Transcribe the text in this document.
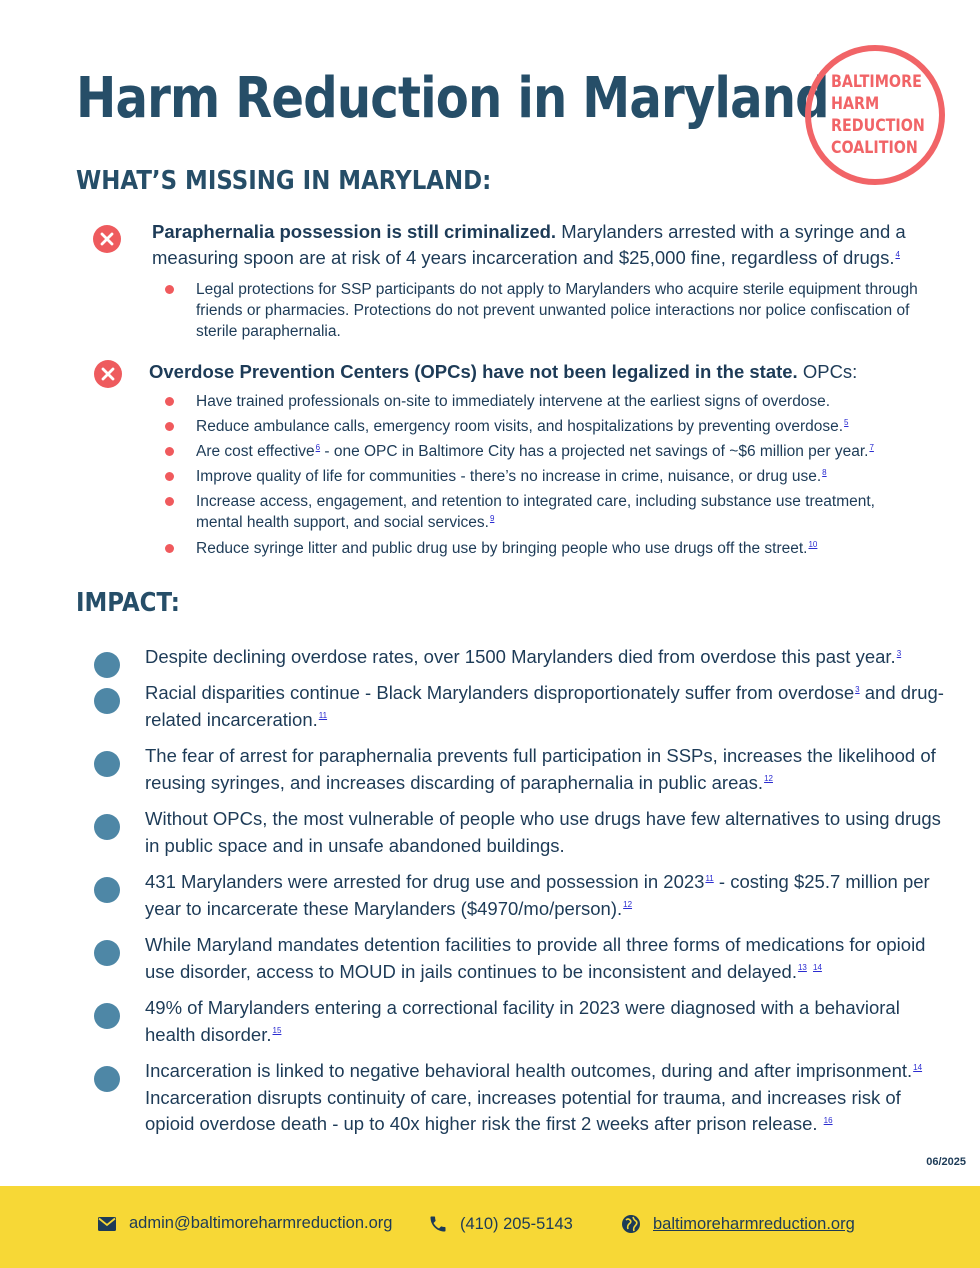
Harm Reduction in Maryland BALTIMORE
HARM
REDUCTION
COALITION
WHAT’S MISSING IN MARYLAND:
Paraphernalia possession is still criminalized. Marylanders arrested with a syringe and a measuring spoon are at risk of 4 years incarceration and $25,000 fine, regardless of drugs.$^4$
Legal protections for SSP participants do not apply to Marylanders who acquire sterile equipment through friends or pharmacies. Protections do not prevent unwanted police interactions nor police confiscation of sterile paraphernalia.
Overdose Prevention Centers (OPCs) have not been legalized in the state. OPCs:
Have trained professionals on-site to immediately intervene at the earliest signs of overdose.
Reduce ambulance calls, emergency room visits, and hospitalizations by preventing overdose.$^5$
Are cost effective$^6$ - one OPC in Baltimore City has a projected net savings of ~$6 million per year.$^7$
Improve quality of life for communities - there’s no increase in crime, nuisance, or drug use.$^8$
Increase access, engagement, and retention to integrated care, including substance use treatment, mental health support, and social services.$^9$
Reduce syringe litter and public drug use by bringing people who use drugs off the street.$^{10}$
IMPACT:
Despite declining overdose rates, over 1500 Marylanders died from overdose this past year.$^3$
Racial disparities continue - Black Marylanders disproportionately suffer from overdose$^3$ and drug-related incarceration.$^{11}$
The fear of arrest for paraphernalia prevents full participation in SSPs, increases the likelihood of reusing syringes, and increases discarding of paraphernalia in public areas.$^{12}$
Without OPCs, the most vulnerable of people who use drugs have few alternatives to using drugs in public space and in unsafe abandoned buildings.
431 Marylanders were arrested for drug use and possession in 2023$^{11}$ - costing $25.7 million per year to incarcerate these Marylanders ($4970/mo/person).$^{12}$
While Maryland mandates detention facilities to provide all three forms of medications for opioid use disorder, access to MOUD in jails continues to be inconsistent and delayed.$^{13}$ $^{14}$
49% of Marylanders entering a correctional facility in 2023 were diagnosed with a behavioral health disorder.$^{15}$
Incarceration is linked to negative behavioral health outcomes, during and after imprisonment.$^{14}$ Incarceration disrupts continuity of care, increases potential for trauma, and increases risk of opioid overdose death - up to 40x higher risk the first 2 weeks after prison release. $^{16}$
06/2025
admin@baltimoreharmreduction.org	(410) 205-5143	baltimoreharmreduction.org
